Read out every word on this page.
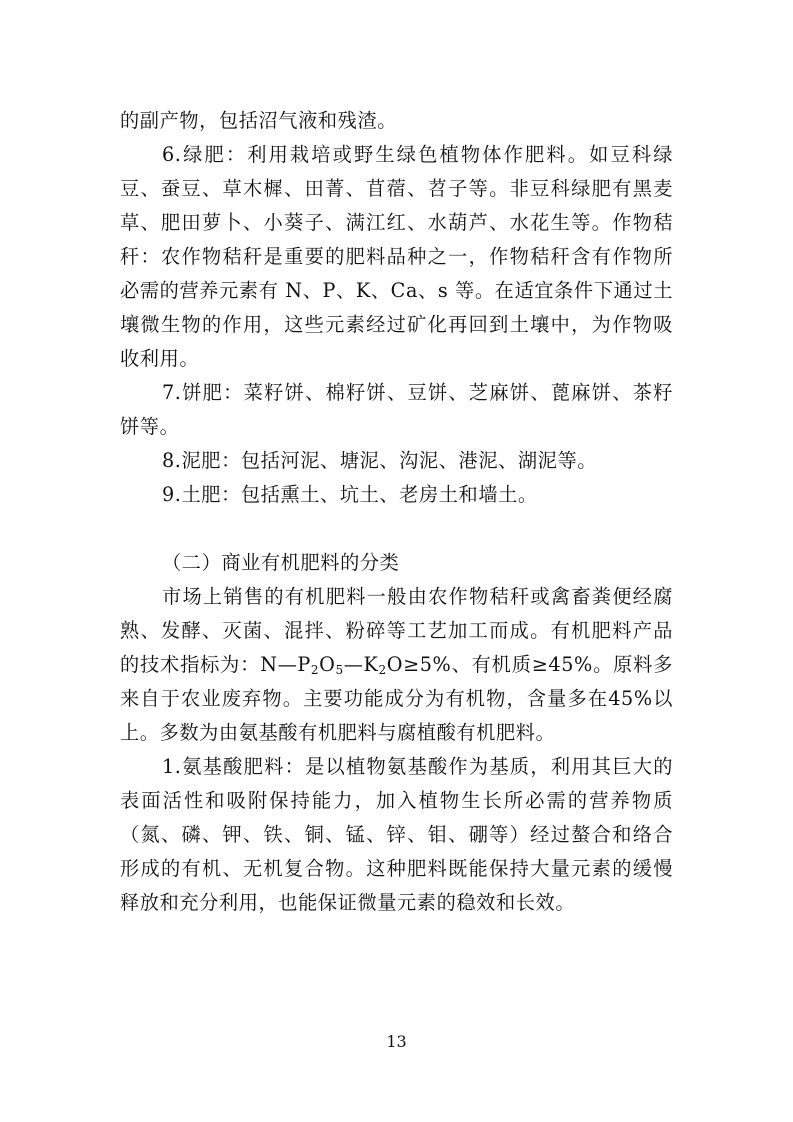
的副产物，包括沼气液和残渣。

6.绿肥：利用栽培或野生绿色植物体作肥料。如豆科绿豆、蚕豆、草木樨、田菁、苜蓿、苕子等。非豆科绿肥有黑麦草、肥田萝卜、小葵子、满江红、水葫芦、水花生等。作物秸秆：农作物秸秆是重要的肥料品种之一，作物秸秆含有作物所必需的营养元素有 N、P、K、Ca、s 等。在适宜条件下通过土壤微生物的作用，这些元素经过矿化再回到土壤中，为作物吸收利用。

7.饼肥：菜籽饼、棉籽饼、豆饼、芝麻饼、蓖麻饼、茶籽饼等。

8.泥肥：包括河泥、塘泥、沟泥、港泥、湖泥等。

9.土肥：包括熏土、坑土、老房土和墙土。

（二）商业有机肥料的分类

市场上销售的有机肥料一般由农作物秸秆或禽畜粪便经腐熟、发酵、灭菌、混拌、粉碎等工艺加工而成。有机肥料产品的技术指标为：$N—P_2O_5—K_2O\ge 5\%$、有机质≥45%。原料多来自于农业废弃物。主要功能成分为有机物，含量多在45%以上。多数为由氨基酸有机肥料与腐植酸有机肥料。

1.氨基酸肥料：是以植物氨基酸作为基质，利用其巨大的表面活性和吸附保持能力，加入植物生长所必需的营养物质（氮、磷、钾、铁、铜、锰、锌、钼、硼等）经过螯合和络合形成的有机、无机复合物。这种肥料既能保持大量元素的缓慢释放和充分利用，也能保证微量元素的稳效和长效。

13
